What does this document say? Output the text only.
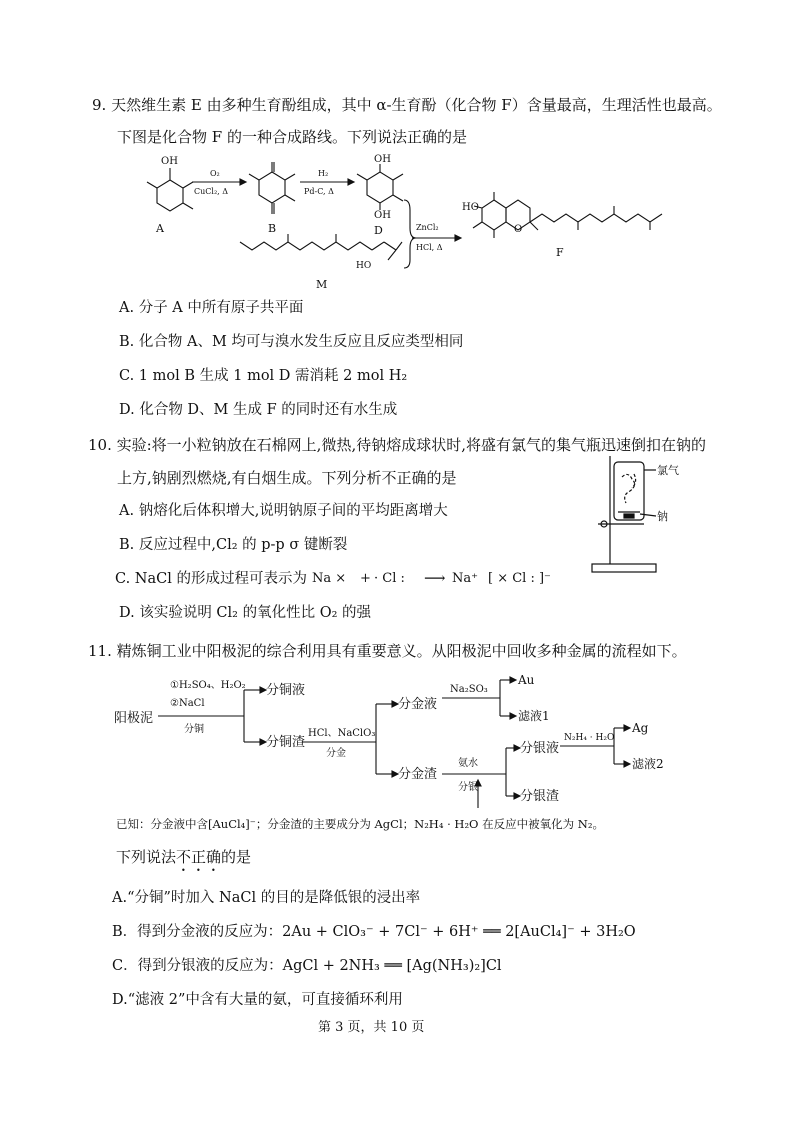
9. 天然维生素 E 由多种生育酚组成，其中 α-生育酚（化合物 F）含量最高，生理活性也最高。
下图是化合物 F 的一种合成路线。下列说法正确的是
OH
O₂
CuCl₂, Δ
H₂
Pd-C, Δ
OH
OH
ZnCl₂
HCl, Δ
HO
HO
O
A	B	D
M
F
A. 分子 A 中所有原子共平面
B. 化合物 A、M 均可与溴水发生反应且反应类型相同
C. 1 mol B 生成 1 mol D 需消耗 2 mol H₂
D. 化合物 D、M 生成 F 的同时还有水生成
10. 实验:将一小粒钠放在石棉网上,微热,待钠熔成球状时,将盛有氯气的集气瓶迅速倒扣在钠的
上方,钠剧烈燃烧,有白烟生成。下列分析不正确的是	氯气
钠
A. 钠熔化后体积增大,说明钠原子间的平均距离增大
B. 反应过程中,Cl₂ 的 p-p σ 键断裂
C. NaCl 的形成过程可表示为 Na × + · Cl : ⟶ Na⁺ [ × Cl : ]⁻
D. 该实验说明 Cl₂ 的氧化性比 O₂ 的强
11. 精炼铜工业中阳极泥的综合利用具有重要意义。从阳极泥中回收多种金属的流程如下。
阳极泥
①H₂SO₄、H₂O₂
②NaCl
分铜
分铜液
分铜渣
HCl、NaClO₃
分金
分金液
分金渣
Na₂SO₃
Au
滤液1
氨水
分银
分银液
分银渣
N₂H₄ · H₂O
Ag
滤液2
已知：分金液中含[AuCl₄]⁻；分金渣的主要成分为 AgCl；N₂H₄ · H₂O 在反应中被氧化为 N₂。
下列说法不正确的是
A.“分铜”时加入 NaCl 的目的是降低银的浸出率
B．得到分金液的反应为：2Au + ClO₃⁻ + 7Cl⁻ + 6H⁺ ══ 2[AuCl₄]⁻ + 3H₂O
C．得到分银液的反应为：AgCl + 2NH₃ ══ [Ag(NH₃)₂]Cl
D.“滤液 2”中含有大量的氨，可直接循环利用
第 3 页，共 10 页
